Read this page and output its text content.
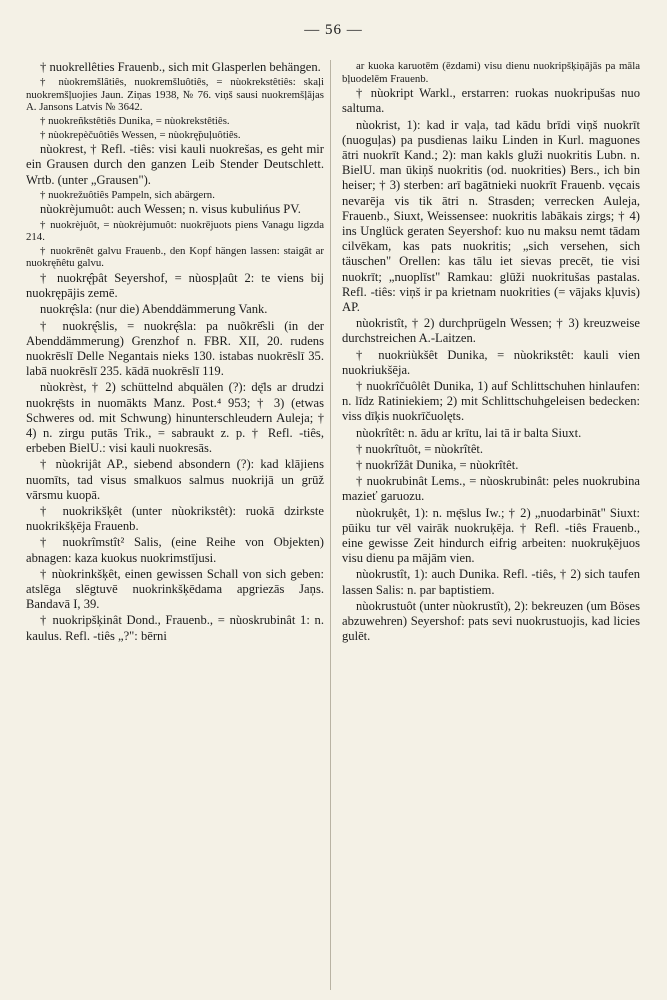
— 56 —

† nuokrellêties Frauenb., sich mit Glasperlen behängen.

† nùokremšlâtiês, nuokremšluôtiês, = nùokrekstêtiês: skaļi nuokremšļuojies Jaun. Ziņas 1938, № 76. viņš sausi nuokremšļājas A. Jansons Latvis № 3642.

† nuokreñkstêtiês Dunika, = nùokrekstêtiês.

† nùokrepèčuôtiês Wessen, = nùokrę̃puļuôtiês.

nùokrest, † Refl. -tiês: visi kauli nuokrešas, es geht mir ein Grausen durch den ganzen Leib Stender Deutschlett. Wrtb. (unter „Grausen").

† nuokrežuôtiês Pampeln, sich abärgern.

nùokrèjumuôt: auch Wessen; n. visus kubulińus PV.

† nuokrèjuôt, = nùokrèjumuôt: nuokrējuots piens Vanagu ligzda 214.

† nuokrēnêt galvu Frauenb., den Kopf hängen lassen: staigât ar nuokrę̃nêtu galvu.

† nuokrę̂pât Seyershof, = nùospļaût 2: te viens bij nuokrępājis zemē.

nuokrę̂sla: (nur die) Abenddämmerung Vank.

† nuokrę̂slis, = nuokrę̂sla: pa nuõkrē̂sli (in der Abenddämmerung) Grenzhof n. FBR. XII, 20. rudens nuokrēslī Delle Negantais nieks 130. istabas nuokrēslī 35. labā nuokrēslī 235. kādā nuokrēslī 119.

nùokrèst, † 2) schüttelnd abquälen (?): dę̄ls ar drudzi nuokrę̄sts in nuomākts Manz. Post.⁴ 953; † 3) (etwas Schweres od. mit Schwung) hinunterschleudern Auleja; † 4) n. zirgu putās Trik., = sabraukt z. p. † Refl. -tiês, erbeben BielU.: visi kauli nuokresās.

† nùokrijât AP., siebend absondern (?): kad klājiens nuomīts, tad visus smalkuos salmus nuokrijā un grūž vārsmu kuopā.

† nuokrikšķêt (unter nùokrikstêt): ruokā dzirkste nuokrikšķēja Frauenb.

† nuokrîmstît² Salis, (eine Reihe von Objekten) abnagen: kaza kuokus nuokrimstījusi.

† nùokrinkšķêt, einen gewissen Schall von sich geben: atslēga slēgtuvē nuokrinkšķēdama apgriezās Jaņs. Bandavā I, 39.

† nuokripšķinât Dond., Frauenb., = nùoskrubinât 1: n. kaulus. Refl. -tiês „?": bērni

ar kuoka karuotēm (ēzdami) visu dienu nuokripšķiņājās pa māla bļuodelēm Frauenb.

† nùokript Warkl., erstarren: ruokas nuokripušas nuo saltuma.

nùokrist, 1): kad ir vaļa, tad kādu brīdi viņš nuokrīt (nuoguļas) pa pusdienas laiku Linden in Kurl. maguones ātri nuokrīt Kand.; 2): man kakls gluži nuokritis Lubn. n. BielU. man ūkiņš nuokritis (od. nuokrities) Bers., ich bin heiser; † 3) sterben: arī bagātnieki nuokrīt Frauenb. vęcais nevarēja vis tik ātri n. Strasden; verrecken Auleja, Frauenb., Siuxt, Weissensee: nuokritis labākais zirgs; † 4) ins Unglück geraten Seyershof: kuo nu maksu nemt tādam cilvēkam, kas pats nuokritis; „sich versehen, sich täuschen" Orellen: kas tālu iet sievas precēt, tie visi nuokrīt; „nuoplīst" Ramkau: glūži nuokritušas pastalas. Refl. -tiês: viņš ir pa krietnam nuokrities (= vājaks kļuvis) AP.

nùokristît, † 2) durchprügeln Wessen; † 3) kreuzweise durchstreichen A.-Laitzen.

† nuokriùkšêt Dunika, = nùokrikstêt: kauli vien nuokriukšēja.

† nuokrîčuôlêt Dunika, 1) auf Schlittschuhen hinlaufen: n. līdz Ratiniekiem; 2) mit Schlittschuhgeleisen bedecken: viss dīķis nuokrīčuolęts.

nùokrîtêt: n. ādu ar krītu, lai tā ir balta Siuxt.

† nuokrîtuôt, = nùokrîtêt.

† nuokrîžât Dunika, = nùokrîtêt.

† nuokrubinât Lems., = nùoskrubinât: peles nuokrubina mazieť garuozu.

nùokruķêt, 1): n. mę̄slus Iw.; † 2) „nuodarbināt" Siuxt: pūiku tur vēl vairāk nuokruķēja. † Refl. -tiês Frauenb., eine gewisse Zeit hindurch eifrig arbeiten: nuokruķējuos visu dienu pa mājām vien.

nùokrustît, 1): auch Dunika. Refl. -tiês, † 2) sich taufen lassen Salis: n. par baptistiem.

nùokrustuôt (unter nùokrustît), 2): bekreuzen (um Böses abzuwehren) Seyershof: pats sevi nuokrustuojis, kad licies gulēt.
